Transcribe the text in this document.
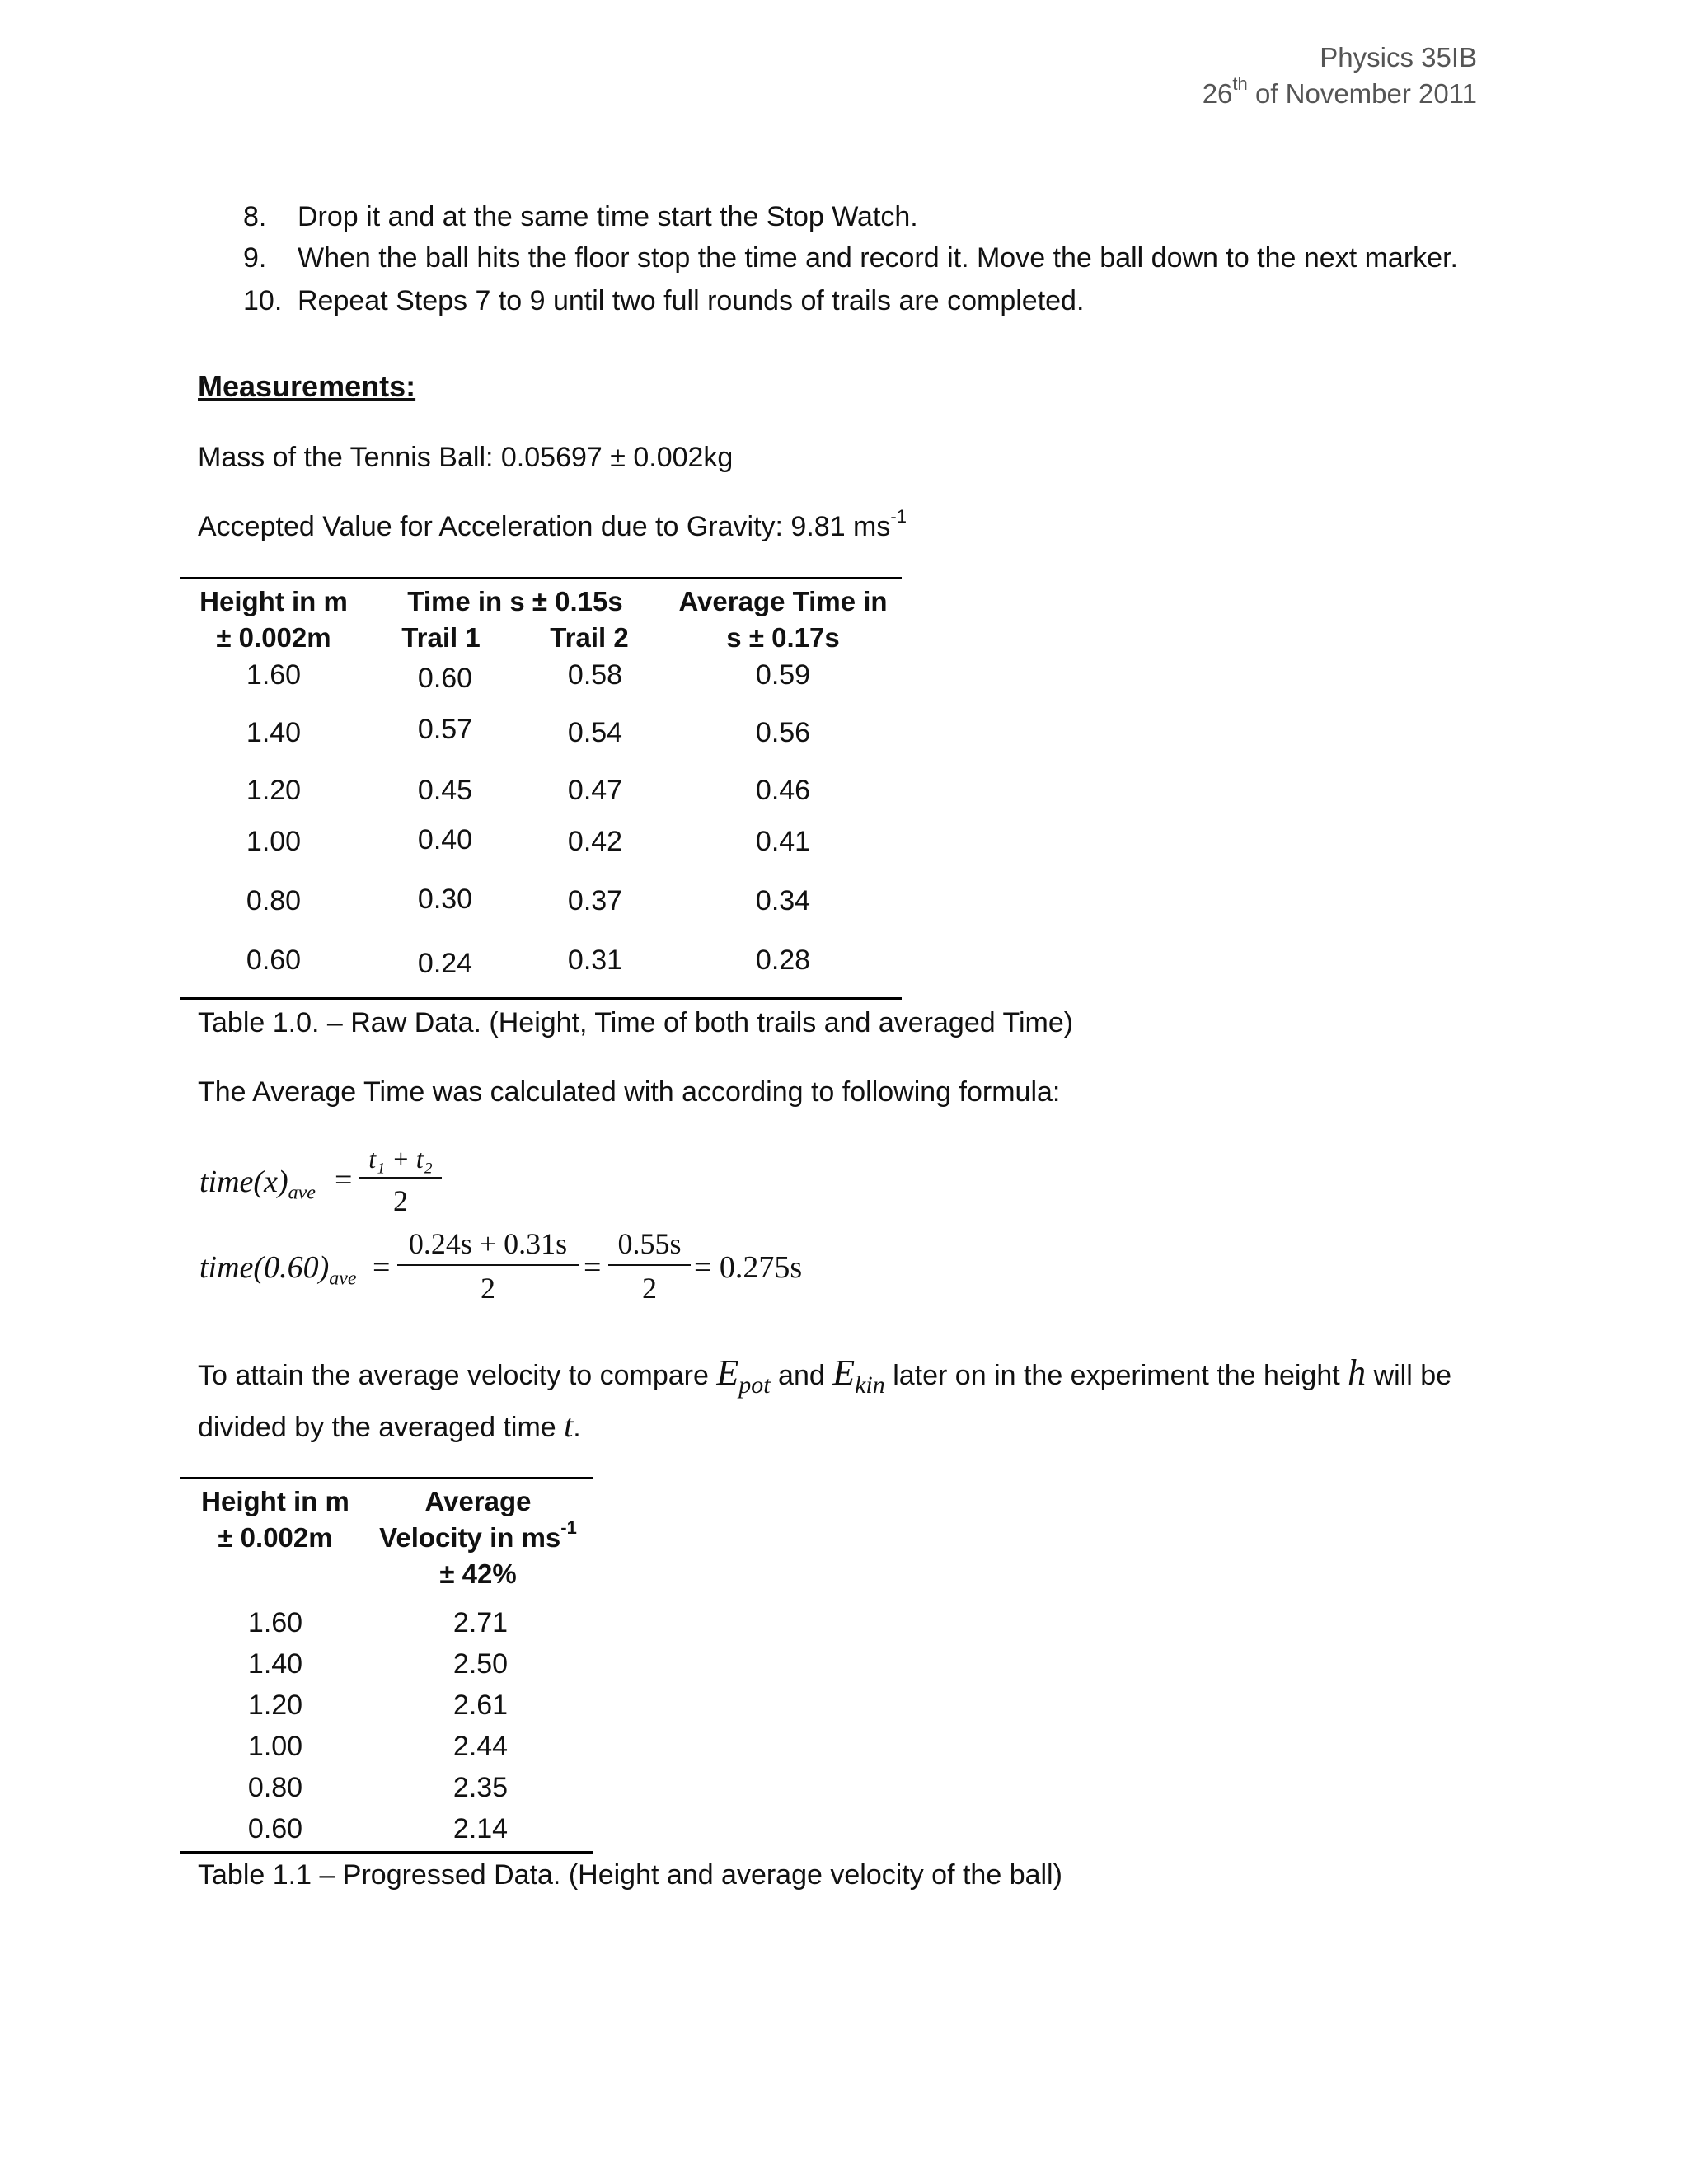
Physics 35IB
26th of November 2011
8. Drop it and at the same time start the Stop Watch.
9. When the ball hits the floor stop the time and record it. Move the ball down to the next marker.
10. Repeat Steps 7 to 9 until two full rounds of trails are completed.
Measurements:
Mass of the Tennis Ball: 0.05697 ± 0.002kg
Accepted Value for Acceleration due to Gravity: 9.81 $ms^{-1}$
Height in m
± 0.002m
Time in s ± 0.15s
Trail 1	Trail 2
Average Time in
s ± 0.17s
1.60	0.60	0.58	0.59
1.40	0.57	0.54	0.56
1.20	0.45	0.47	0.46
1.00	0.40	0.42	0.41
0.80	0.30	0.37	0.34
0.60	0.24	0.31	0.28
Table 1.0. – Raw Data. (Height, Time of both trails and averaged Time)
The Average Time was calculated with according to following formula:
$time(x)_{ave}$ =
t₁ + t₂
2
$time(0.60)_{ave}$ =
0.24s + 0.31s
2
=
0.55s
2
= 0.275s
To attain the average velocity to compare $E_{pot}$ and $E_{kin}$ later on in the experiment the height h will be
divided by the averaged time t.
Height in m
± 0.002m
Average
Velocity in $ms^{-1}$
± 42%
1.60	2.71
1.40	2.50
1.20	2.61
1.00	2.44
0.80	2.35
0.60	2.14
Table 1.1 – Progressed Data. (Height and average velocity of the ball)
